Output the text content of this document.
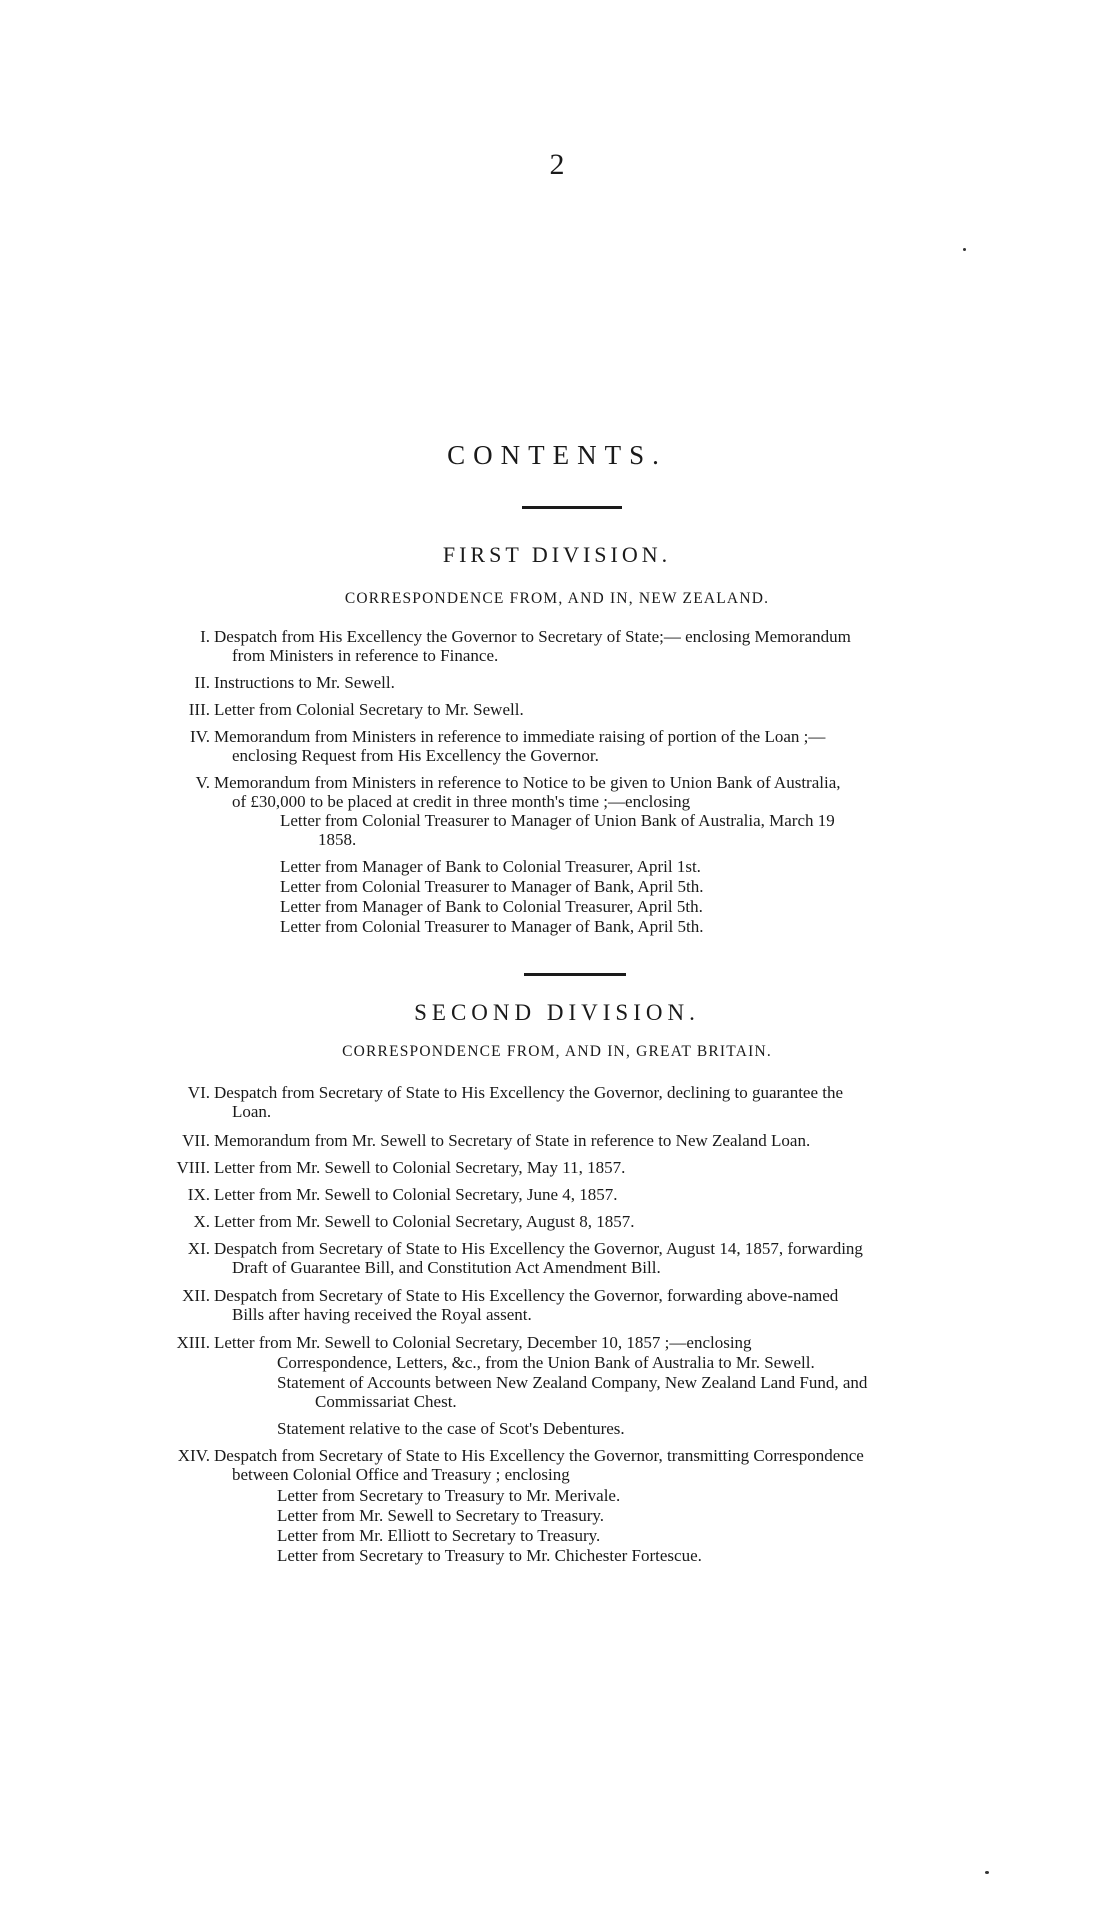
2
CONTENTS.
FIRST DIVISION.
CORRESPONDENCE FROM, AND IN, NEW ZEALAND.
I. Despatch from His Excellency the Governor to Secretary of State;— enclosing Memorandum
from Ministers in reference to Finance.
II. Instructions to Mr. Sewell.
III. Letter from Colonial Secretary to Mr. Sewell.
IV. Memorandum from Ministers in reference to immediate raising of portion of the Loan ;—
enclosing Request from His Excellency the Governor.
V. Memorandum from Ministers in reference to Notice to be given to Union Bank of Australia,
of £30,000 to be placed at credit in three month's time ;—enclosing
Letter from Colonial Treasurer to Manager of Union Bank of Australia, March 19
1858.
Letter from Manager of Bank to Colonial Treasurer, April 1st.
Letter from Colonial Treasurer to Manager of Bank, April 5th.
Letter from Manager of Bank to Colonial Treasurer, April 5th.
Letter from Colonial Treasurer to Manager of Bank, April 5th.
SECOND DIVISION.
CORRESPONDENCE FROM, AND IN, GREAT BRITAIN.
VI. Despatch from Secretary of State to His Excellency the Governor, declining to guarantee the
Loan.
VII. Memorandum from Mr. Sewell to Secretary of State in reference to New Zealand Loan.
VIII. Letter from Mr. Sewell to Colonial Secretary, May 11, 1857.
IX. Letter from Mr. Sewell to Colonial Secretary, June 4, 1857.
X. Letter from Mr. Sewell to Colonial Secretary, August 8, 1857.
XI. Despatch from Secretary of State to His Excellency the Governor, August 14, 1857, forwarding
Draft of Guarantee Bill, and Constitution Act Amendment Bill.
XII. Despatch from Secretary of State to His Excellency the Governor, forwarding above-named
Bills after having received the Royal assent.
XIII. Letter from Mr. Sewell to Colonial Secretary, December 10, 1857 ;—enclosing
Correspondence, Letters, &c., from the Union Bank of Australia to Mr. Sewell.
Statement of Accounts between New Zealand Company, New Zealand Land Fund, and
Commissariat Chest.
Statement relative to the case of Scot's Debentures.
XIV. Despatch from Secretary of State to His Excellency the Governor, transmitting Correspondence
between Colonial Office and Treasury ; enclosing
Letter from Secretary to Treasury to Mr. Merivale.
Letter from Mr. Sewell to Secretary to Treasury.
Letter from Mr. Elliott to Secretary to Treasury.
Letter from Secretary to Treasury to Mr. Chichester Fortescue.
